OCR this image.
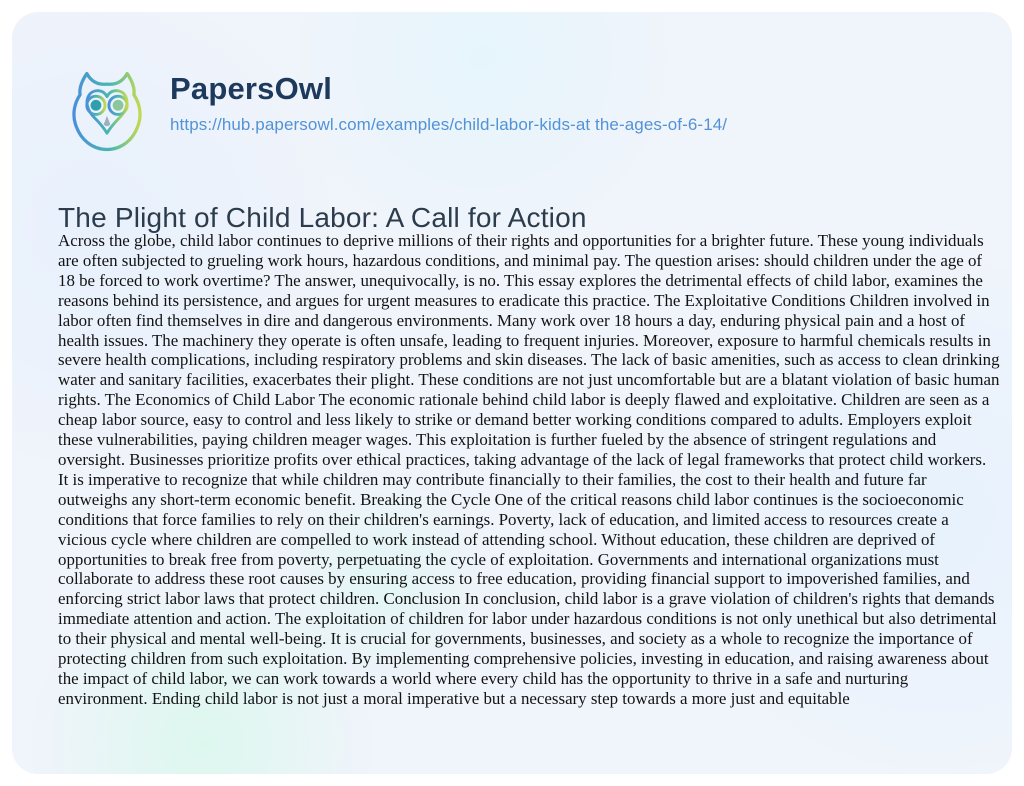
PapersOwl
https://hub.papersowl.com/examples/child-labor-kids-at the-ages-of-6-14/
The Plight of Child Labor: A Call for Action
Across the globe, child labor continues to deprive millions of their rights and opportunities for a brighter future. These young individuals are often subjected to grueling work hours, hazardous conditions, and minimal pay. The question arises: should children under the age of 18 be forced to work overtime? The answer, unequivocally, is no. This essay explores the detrimental effects of child labor, examines the reasons behind its persistence, and argues for urgent measures to eradicate this practice. The Exploitative Conditions Children involved in labor often find themselves in dire and dangerous environments. Many work over 18 hours a day, enduring physical pain and a host of health issues. The machinery they operate is often unsafe, leading to frequent injuries. Moreover, exposure to harmful chemicals results in severe health complications, including respiratory problems and skin diseases. The lack of basic amenities, such as access to clean drinking water and sanitary facilities, exacerbates their plight. These conditions are not just uncomfortable but are a blatant violation of basic human rights. The Economics of Child Labor The economic rationale behind child labor is deeply flawed and exploitative. Children are seen as a cheap labor source, easy to control and less likely to strike or demand better working conditions compared to adults. Employers exploit these vulnerabilities, paying children meager wages. This exploitation is further fueled by the absence of stringent regulations and oversight. Businesses prioritize profits over ethical practices, taking advantage of the lack of legal frameworks that protect child workers. It is imperative to recognize that while children may contribute financially to their families, the cost to their health and future far outweighs any short-term economic benefit. Breaking the Cycle One of the critical reasons child labor continues is the socioeconomic conditions that force families to rely on their children's earnings. Poverty, lack of education, and limited access to resources create a vicious cycle where children are compelled to work instead of attending school. Without education, these children are deprived of opportunities to break free from poverty, perpetuating the cycle of exploitation. Governments and international organizations must collaborate to address these root causes by ensuring access to free education, providing financial support to impoverished families, and enforcing strict labor laws that protect children. Conclusion In conclusion, child labor is a grave violation of children's rights that demands immediate attention and action. The exploitation of children for labor under hazardous conditions is not only unethical but also detrimental to their physical and mental well-being. It is crucial for governments, businesses, and society as a whole to recognize the importance of protecting children from such exploitation. By implementing comprehensive policies, investing in education, and raising awareness about the impact of child labor, we can work towards a world where every child has the opportunity to thrive in a safe and nurturing environment. Ending child labor is not just a moral imperative but a necessary step towards a more just and equitable
